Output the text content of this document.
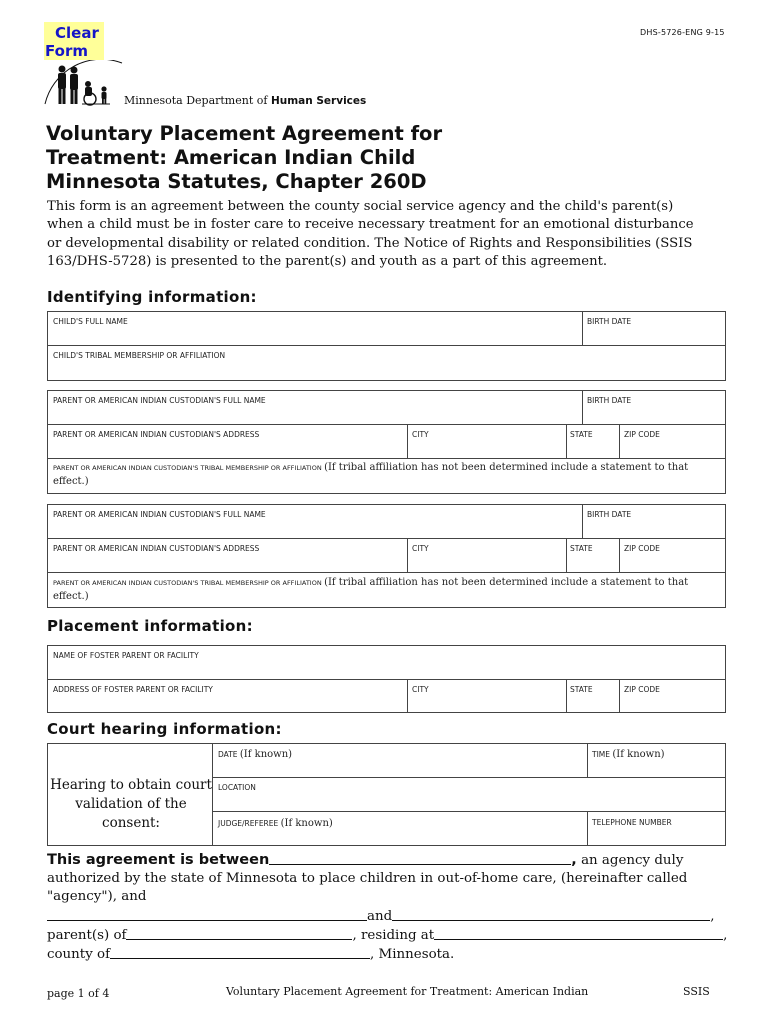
Clear
Form
DHS-5726-ENG 9-15
Minnesota Department of Human Services
Voluntary Placement Agreement for
Treatment: American Indian Child
Minnesota Statutes, Chapter 260D
This form is an agreement between the county social service agency and the child's parent(s) when a child must be in foster care to receive necessary treatment for an emotional disturbance or developmental disability or related condition. The Notice of Rights and Responsibilities (SSIS 163/DHS-5728) is presented to the parent(s) and youth as a part of this agreement.
Identifying information:
CHILD'S FULL NAME	BIRTH DATE
CHILD'S TRIBAL MEMBERSHIP OR AFFILIATION
PARENT OR AMERICAN INDIAN CUSTODIAN'S FULL NAME	BIRTH DATE
PARENT OR AMERICAN INDIAN CUSTODIAN'S ADDRESS	CITY	STATE	ZIP CODE
PARENT OR AMERICAN INDIAN CUSTODIAN'S TRIBAL MEMBERSHIP OR AFFILIATION (If tribal affiliation has not been determined include a statement to that effect.)
PARENT OR AMERICAN INDIAN CUSTODIAN'S FULL NAME	BIRTH DATE
PARENT OR AMERICAN INDIAN CUSTODIAN'S ADDRESS	CITY	STATE	ZIP CODE
PARENT OR AMERICAN INDIAN CUSTODIAN'S TRIBAL MEMBERSHIP OR AFFILIATION (If tribal affiliation has not been determined include a statement to that effect.)
Placement information:
NAME OF FOSTER PARENT OR FACILITY
ADDRESS OF FOSTER PARENT OR FACILITY	CITY	STATE	ZIP CODE
Court hearing information:
Hearing to obtain court validation of the consent:
DATE (If known)	TIME (If known)
LOCATION
JUDGE/REFEREE (If known)	TELEPHONE NUMBER
This agreement is between	, an agency duly authorized by the state of Minnesota to place children in out-of-home care, (hereinafter called "agency"), and
and	,
parent(s) of	, residing at	,
county of	, Minnesota.
page 1 of 4	Voluntary Placement Agreement for Treatment: American Indian	SSIS
